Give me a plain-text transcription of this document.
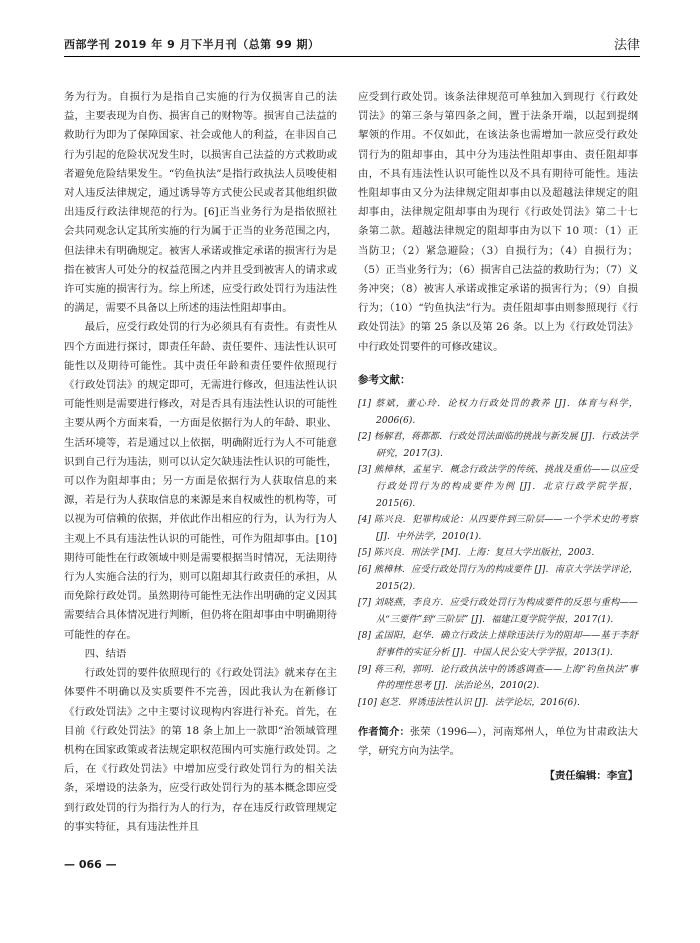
西部学刊 2019 年 9 月下半月刊（总第 99 期）	法律

务为行为。自损行为是指自己实施的行为仅损害自己的法益，主要表现为自伤、损害自己的财物等。损害自己法益的救助行为即为了保障国家、社会或他人的利益，在非因自己行为引起的危险状况发生时，以损害自己法益的方式救助或者避免危险结果发生。“钓鱼执法”是指行政执法人员唆使相对人违反法律规定，通过诱导等方式使公民或者其他组织做出违反行政法律规范的行为。[6]正当业务行为是指依照社会共同观念认定其所实施的行为属于正当的业务范围之内，但法律未有明确规定。被害人承诺或推定承诺的损害行为是指在被害人可处分的权益范围之内并且受到被害人的请求或许可实施的损害行为。综上所述，应受行政处罚行为违法性的满足，需要不具备以上所述的违法性阻却事由。

最后，应受行政处罚的行为必须具有有责性。有责性从四个方面进行探讨，即责任年龄、责任要件、违法性认识可能性以及期待可能性。其中责任年龄和责任要件依照现行《行政处罚法》的规定即可，无需进行修改，但违法性认识可能性则是需要进行修改，对是否具有违法性认识的可能性主要从两个方面来看，一方面是依据行为人的年龄、职业、生活环境等，若是通过以上依据，明确附近行为人不可能意识到自己行为违法，则可以认定欠缺违法性认识的可能性，可以作为阻却事由；另一方面是依据行为人获取信息的来源，若是行为人获取信息的来源是来自权威性的机构等，可以视为可信赖的依据，并依此作出相应的行为，认为行为人主观上不具有违法性认识的可能性，可作为阻却事由。[10]期待可能性在行政领域中则是需要根据当时情况，无法期待行为人实施合法的行为，则可以阻却其行政责任的承担，从而免除行政处罚。虽然期待可能性无法作出明确的定义因其需要结合具体情况进行判断，但仍将在阻却事由中明确期待可能性的存在。

四、结语

行政处罚的要件依照现行的《行政处罚法》就来存在主体要件不明确以及实质要件不完善，因此我认为在新修订《行政处罚法》之中主要讨议现构内容进行补充。首先，在目前《行政处罚法》的第 18 条上加上一款即“治领域管理机构在国家政策或者法规定职权范围内可实施行政处罚。之后，在《行政处罚法》中增加应受行政处罚行为的相关法条，采增设的法条为，应受行政处罚行为的基本概念即应受到行政处罚的行为指行为人的行为，存在违反行政管理规定的事实特征，具有违法性并且

应受到行政处罚。该条法律规范可单独加入到现行《行政处罚法》的第三条与第四条之间，置于法条开端，以起到提纲挈领的作用。不仅如此，在该法条也需增加一款应受行政处罚行为的阻却事由，其中分为违法性阻却事由、责任阻却事由，不具有违法性认识可能性以及不具有期待可能性。违法性阻却事由又分为法律规定阻却事由以及超越法律规定的阻却事由，法律规定阻却事由为现行《行政处罚法》第二十七条第二款。超越法律规定的阻却事由为以下 10 项：（1）正当防卫；（2）紧急避险；（3）自损行为；（4）自损行为；（5）正当业务行为；（6）损害自己法益的救助行为；（7）义务冲突；（8）被害人承诺或推定承诺的损害行为；（9）自损行为；（10）“钓鱼执法”行为。责任阻却事由则参照现行《行政处罚法》的第 25 条以及第 26 条。以上为《行政处罚法》中行政处罚要件的可修改建议。

参考文献：
[1] 蔡斌，董心玲．论权力行政处罚的教养 [J]．体育与科学，2006(6).
[2] 杨解君，蒋都都．行政处罚法面临的挑战与新发展 [J]．行政法学研究，2017(3).
[3] 熊樟林，孟星宇．概念行政法学的传统、挑战及重估——以应受行政处罚行为的构成要件为例 [J]．北京行政学院学报，2015(6).
[4] 陈兴良．犯罪构成论：从四要件到三阶层——一个学术史的考察 [J]．中外法学，2010(1).
[5] 陈兴良．刑法学 [M]．上海：复旦大学出版社，2003.
[6] 熊樟林．应受行政处罚行为的构成要件 [J]．南京大学法学评论，2015(2).
[7] 刘晓燕，李良方．应受行政处罚行为构成要件的反思与重构——从“三要件”到“三阶层” [J]．福建江夏学院学报，2017(1).
[8] 孟国阳，赵华．确立行政法上排除违法行为的阻却——基于李舒舒事件的实证分析 [J]．中国人民公安大学学报，2013(1).
[9] 蒋三利，郭明．论行政执法中的诱惑调查——上海“钓鱼执法”事件的理性思考 [J]．法治论丛，2010(2).
[10] 赵芝．界诱违法性认识 [J]．法学论坛，2016(6).
作者简介：张荣（1996—），河南郑州人，单位为甘肃政法大学，研究方向为法学。
【责任编辑：李宣】
— 066 —
